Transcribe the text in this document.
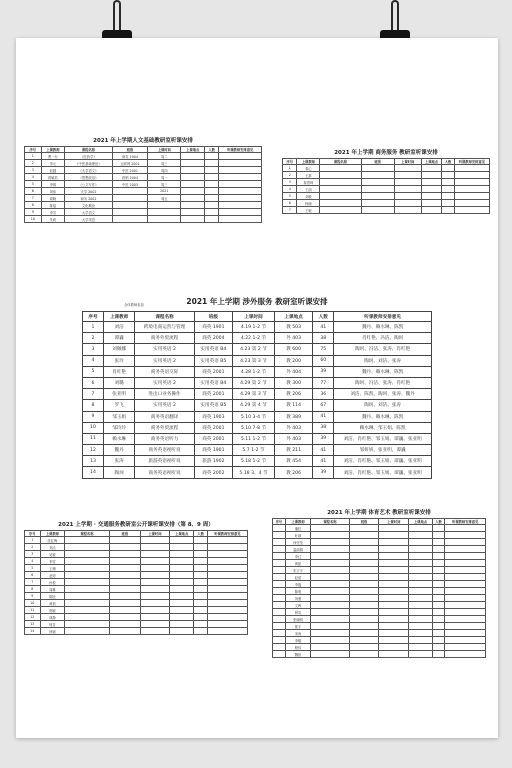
2021 年上学期人文基础教研室听课安排
序号	上课教师	课程名称	班级	上课时间	上课地点	人数	听课教师安排意见
1	曹一行	《医药学》	商英 1904	周二			
2	李元	《中医基础理论》	互联网 2001	周三			
3	赵越	《大学语文》	中医 2001	周四			
4	蒋敏浩	《思想政治》	营销 2004	周一			
5	李倩	《公文写作》	中医 2003	周三			
6	刘伟	大学 2002		2021			
7	周晓	商务 2002		周五			
8	陈瑶	文化概论					
9	李芳	大学语文					
10	朱莉	大学英语					
全体教师参加
2021 年上学期 商务服务 教研室听课安排
序号	上课教师	课程名称	班级	上课时间	上课地点	人数	听课教师安排意见
1	秦心						
2	王群						
3	秦思琦						
4	王丽						
5	刘敏						
6	杨晓						
7	王敏						
2021 年上学期 涉外服务 教研室听课安排
序号	上课教师	课程名称	班级	上课时间	上课地点	人数	听课教师安排意见
1	刘洁	跨境电商运营与管理	商英 1901	4.19 1-2 节	教 503	41	魏丹、赖水琳、陈凯
2	谭巍	商务外贸流程	商英 2004	4.22 1-2 节	外 403	38	肖红艳、冯洁、陶珂
3	刘佩娜	实用英语 2	实用英语 B4	4.23 第 2 节	教 600	75	陶珂、冯洁、张涛、肖红艳
4	张玲	实用英语 2	实用英语 B5	4.23 第 3 节	教 200	60	陶珂、刘洁、张涛
5	肖红艳	商务英语交际	商英 2001	4.28 1-2 节	外 404	39	魏丹、赖水琳、陈凯
6	刘璐	实用英语 2	实用英语 B4	4.29 第 2 节	教 300	77	陶珂、冯洁、张涛、肖红艳
7	张亚明	进出口业务操作	商英 2001	4.29 第 3 节	教 206	36	刘洁、陈凯、陶珂、张涛、魏丹
8	罗飞	实用英语 2	实用英语 B5	4.29 第 4 节	教 114	67	陶珂、刘洁、张涛
9	邹玉娟	商务英语翻译	商英 1903	5.10 3-4 节	教 389	41	魏丹、赖水琳、陈凯
10	邹玲玲	商务外贸流程	商英 2001	5.10 7-8 节	外 403	38	赖水琳、邹玉娟、陈凯
11	赖水琳	商务英语听力	商英 2001	5.11 1-2 节	外 403	39	刘洁、肖红艳、邹玉娟、谭巍、张亚明
12	魏丹	商务英语视听说	商英 1901	5.7 1-2 节	教 211	41	邹妍妍、张亚明、谭巍
13	张涛	旅游英语视听说	旅游 1902	5.18 1-2 节	教 454	41	刘洁、肖红艳、邹玉娟、谭巍、张亚明
14	陶珂	商务英语视听说	商英 2002	5.18 3、4 节	教 206	39	刘洁、肖红艳、邹玉娟、谭巍、张亚明
2021 上学期 · 交通服务教研室公开课听课安排（第 8、9 周）
序号	上课教师	课程名称	班级	上课时间	上课地点	人数	听课教师安排意见
1	张红梅						
2	刘洁						
3	吴敏						
4	李雪						
5	王珊						
6	赵婷						
7	孙悦						
8	周琳						
9	陈欣						
10	黄莉						
11	郭敏						
12	林静						
13	何芳						
14	徐颖						
2021 年上学期 体育艺术 教研室听课安排
序号	上课教师	课程名称	班级	上课时间	上课地点	人数	听课教师安排意见
	潘虹						
	叶颖						
	徐莹莹						
	温丽娟						
	李红						
	黄凯						
	朱宇平						
	赵茹						
	李磊						
	陈明						
	刘蕾						
	文晖						
	钟岚						
	张晓明						
	郭宇						
	宋雨						
	李娜						
	程伟						
	魏欣						
